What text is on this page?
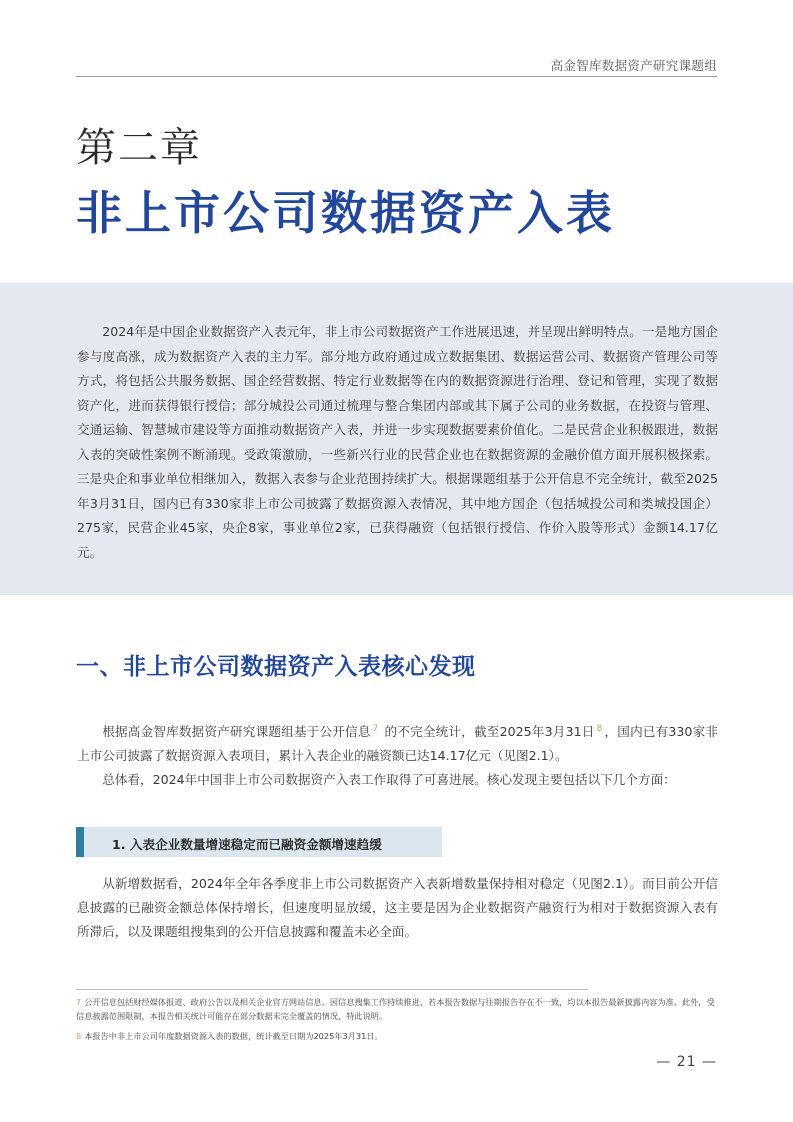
高金智库数据资产研究课题组
第二章
非上市公司数据资产入表

2024年是中国企业数据资产入表元年，非上市公司数据资产工作进展迅速，并呈现出鲜明特点。一是地方国企参与度高涨，成为数据资产入表的主力军。部分地方政府通过成立数据集团、数据运营公司、数据资产管理公司等方式，将包括公共服务数据、国企经营数据、特定行业数据等在内的数据资源进行治理、登记和管理，实现了数据资产化，进而获得银行授信；部分城投公司通过梳理与整合集团内部或其下属子公司的业务数据，在投资与管理、交通运输、智慧城市建设等方面推动数据资产入表，并进一步实现数据要素价值化。二是民营企业积极跟进，数据入表的突破性案例不断涌现。受政策激励，一些新兴行业的民营企业也在数据资源的金融价值方面开展积极探索。三是央企和事业单位相继加入，数据入表参与企业范围持续扩大。根据课题组基于公开信息不完全统计，截至2025年3月31日，国内已有330家非上市公司披露了数据资源入表情况，其中地方国企（包括城投公司和类城投国企）275家，民营企业45家，央企8家，事业单位2家，已获得融资（包括银行授信、作价入股等形式）金额14.17亿元。

一、非上市公司数据资产入表核心发现

根据高金智库数据资产研究课题组基于公开信息 $^7$ 的不完全统计，截至2025年3月31日 $^8$ ，国内已有330家非上市公司披露了数据资源入表项目，累计入表企业的融资额已达14.17亿元（见图2.1）。

总体看，2024年中国非上市公司数据资产入表工作取得了可喜进展。核心发现主要包括以下几个方面：

1. 入表企业数量增速稳定而已融资金额增速趋缓

从新增数据看，2024年全年各季度非上市公司数据资产入表新增数量保持相对稳定（见图2.1）。而目前公开信息披露的已融资金额总体保持增长，但速度明显放缓，这主要是因为企业数据资产融资行为相对于数据资源入表有所滞后，以及课题组搜集到的公开信息披露和覆盖未必全面。

7 公开信息包括财经媒体报道、政府公告以及相关企业官方网站信息。因信息搜集工作持续推进，若本报告数据与往期报告存在不一致，均以本报告最新披露内容为准。此外，受信息披露范围限制，本报告相关统计可能存在部分数据未完全覆盖的情况，特此说明。

8 本报告中非上市公司年度数据资源入表的数据，统计截至日期为2025年3月31日。

— 21 —
